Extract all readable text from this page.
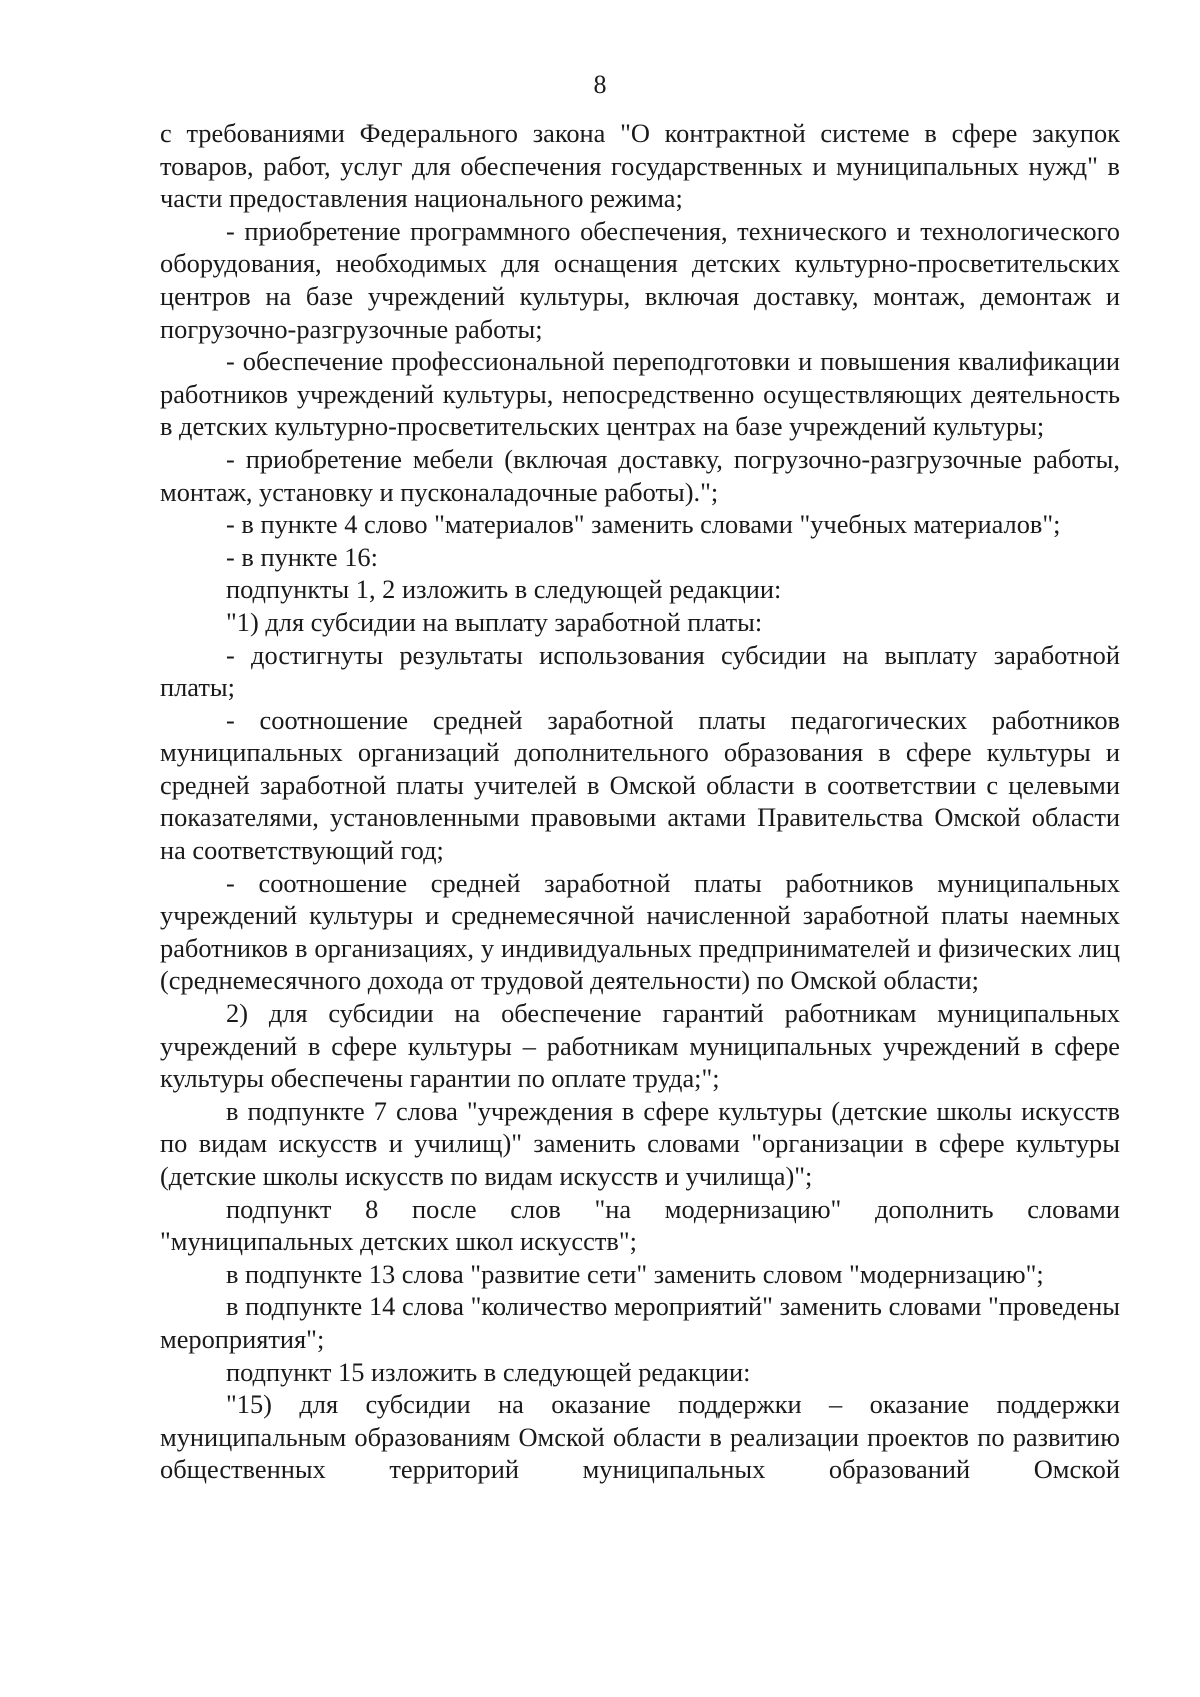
8

с требованиями Федерального закона "О контрактной системе в сфере закупок товаров, работ, услуг для обеспечения государственных и муниципальных нужд" в части предоставления национального режима;

- приобретение программного обеспечения, технического и технологического оборудования, необходимых для оснащения детских культурно-просветительских центров на базе учреждений культуры, включая доставку, монтаж, демонтаж и погрузочно-разгрузочные работы;

- обеспечение профессиональной переподготовки и повышения квалификации работников учреждений культуры, непосредственно осуществляющих деятельность в детских культурно-просветительских центрах на базе учреждений культуры;

- приобретение мебели (включая доставку, погрузочно-разгрузочные работы, монтаж, установку и пусконаладочные работы).";

- в пункте 4 слово "материалов" заменить словами "учебных материалов";

- в пункте 16:

подпункты 1, 2 изложить в следующей редакции:

"1) для субсидии на выплату заработной платы:

- достигнуты результаты использования субсидии на выплату заработной платы;

- соотношение средней заработной платы педагогических работников муниципальных организаций дополнительного образования в сфере культуры и средней заработной платы учителей в Омской области в соответствии с целевыми показателями, установленными правовыми актами Правительства Омской области на соответствующий год;

- соотношение средней заработной платы работников муниципальных учреждений культуры и среднемесячной начисленной заработной платы наемных работников в организациях, у индивидуальных предпринимателей и физических лиц (среднемесячного дохода от трудовой деятельности) по Омской области;

2) для субсидии на обеспечение гарантий работникам муниципальных учреждений в сфере культуры – работникам муниципальных учреждений в сфере культуры обеспечены гарантии по оплате труда;";

в подпункте 7 слова "учреждения в сфере культуры (детские школы искусств по видам искусств и училищ)" заменить словами "организации в сфере культуры (детские школы искусств по видам искусств и училища)";

подпункт 8 после слов "на модернизацию" дополнить словами "муниципальных детских школ искусств";

в подпункте 13 слова "развитие сети" заменить словом "модернизацию";

в подпункте 14 слова "количество мероприятий" заменить словами "проведены мероприятия";

подпункт 15 изложить в следующей редакции:

"15) для субсидии на оказание поддержки – оказание поддержки муниципальным образованиям Омской области в реализации проектов по развитию общественных территорий муниципальных образований Омской
